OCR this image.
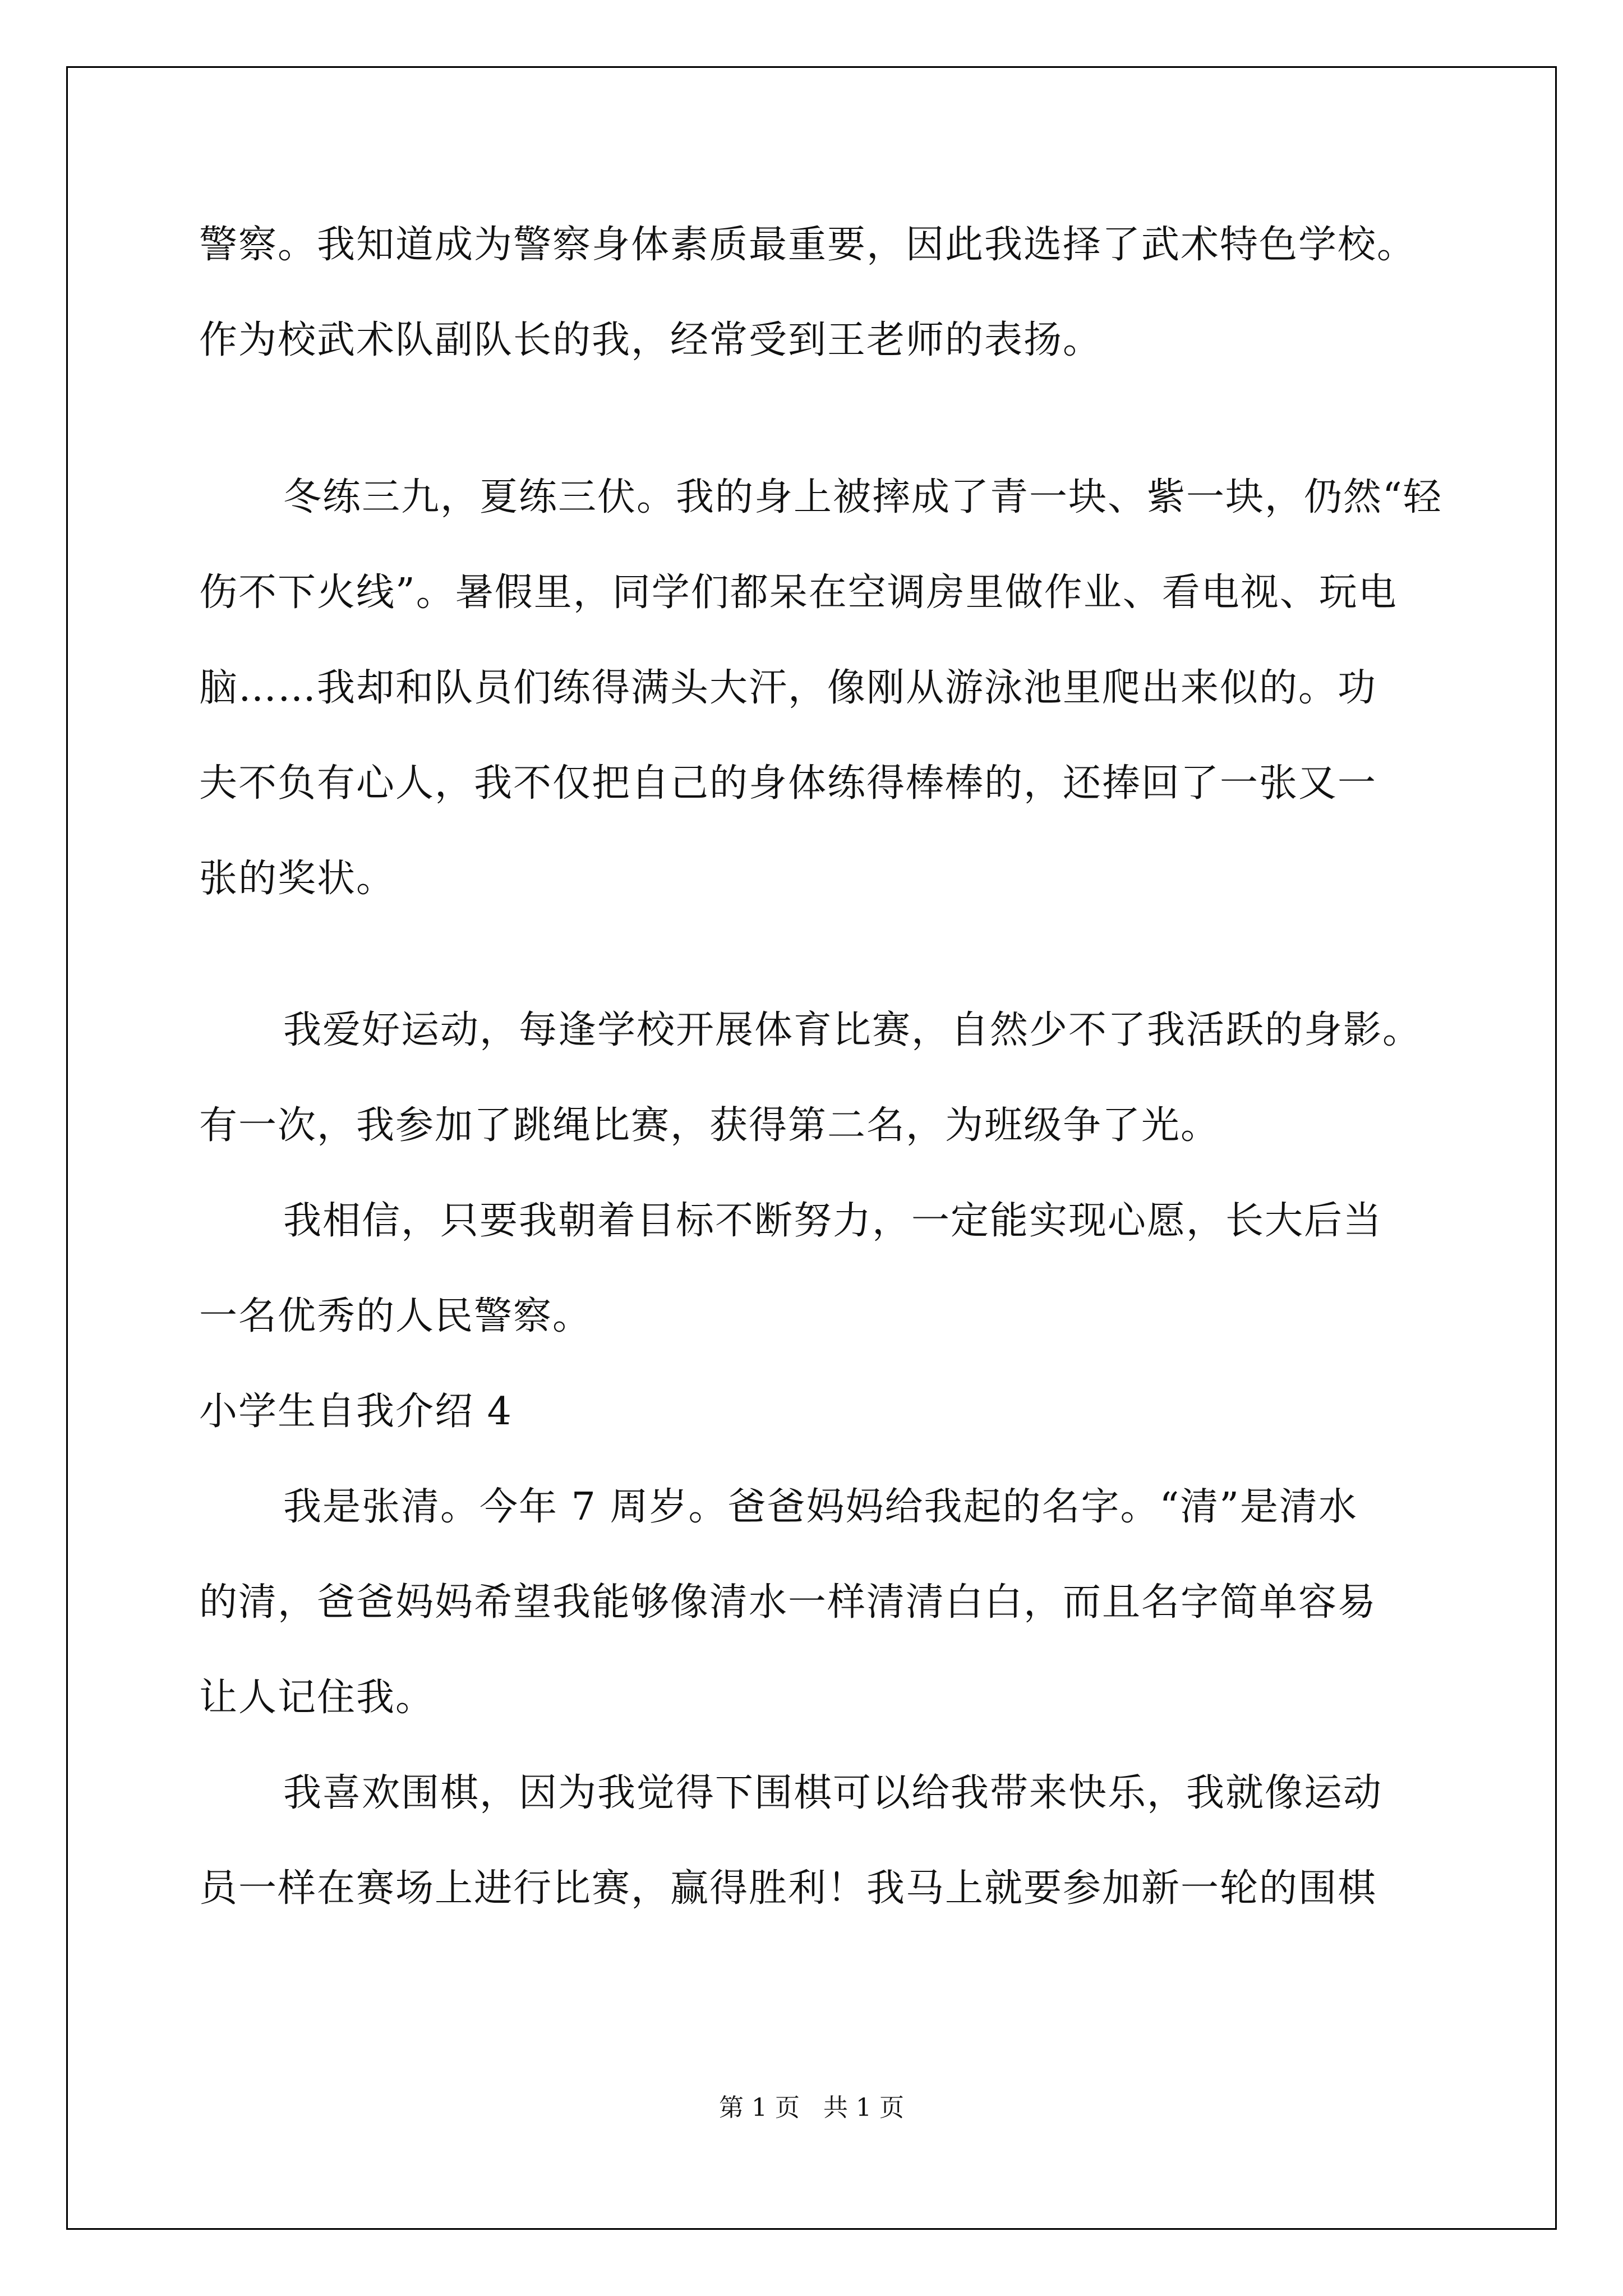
警察。我知道成为警察身体素质最重要，因此我选择了武术特色学校。
作为校武术队副队长的我，经常受到王老师的表扬。
冬练三九，夏练三伏。我的身上被摔成了青一块、紫一块，仍然“轻
伤不下火线”。暑假里，同学们都呆在空调房里做作业、看电视、玩电
脑……我却和队员们练得满头大汗，像刚从游泳池里爬出来似的。功
夫不负有心人，我不仅把自己的身体练得棒棒的，还捧回了一张又一
张的奖状。
我爱好运动，每逢学校开展体育比赛，自然少不了我活跃的身影。
有一次，我参加了跳绳比赛，获得第二名，为班级争了光。
我相信，只要我朝着目标不断努力，一定能实现心愿，长大后当
一名优秀的人民警察。
小学生自我介绍 4
我是张清。今年 7 周岁。爸爸妈妈给我起的名字。“清”是清水
的清，爸爸妈妈希望我能够像清水一样清清白白，而且名字简单容易
让人记住我。
我喜欢围棋，因为我觉得下围棋可以给我带来快乐，我就像运动
员一样在赛场上进行比赛，赢得胜利！我马上就要参加新一轮的围棋
第 1 页   共 1 页
